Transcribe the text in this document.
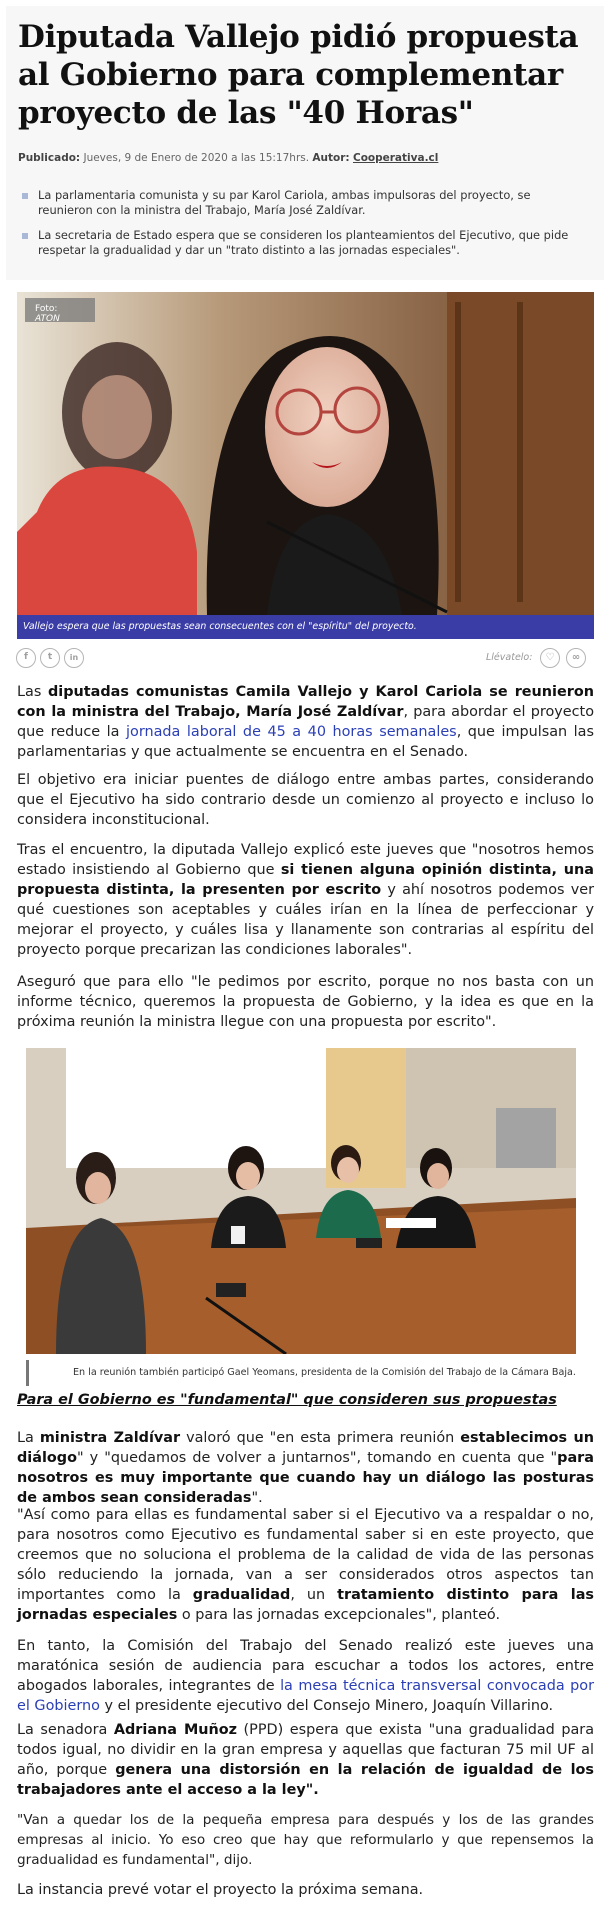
Diputada Vallejo pidió propuesta al Gobierno para complementar proyecto de las "40 Horas"
Publicado: Jueves, 9 de Enero de 2020 a las 15:17hrs. Autor: Cooperativa.cl
La parlamentaria comunista y su par Karol Cariola, ambas impulsoras del proyecto, se reunieron con la ministra del Trabajo, María José Zaldívar.
La secretaria de Estado espera que se consideren los planteamientos del Ejecutivo, que pide respetar la gradualidad y dar un "trato distinto a las jornadas especiales".
Foto: ATON
Vallejo espera que las propuestas sean consecuentes con el "espíritu" del proyecto.
f	t	in	Llévatelo:	♡	∞

Las diputadas comunistas Camila Vallejo y Karol Cariola se reunieron con la ministra del Trabajo, María José Zaldívar, para abordar el proyecto que reduce la jornada laboral de 45 a 40 horas semanales, que impulsan las parlamentarias y que actualmente se encuentra en el Senado.

El objetivo era iniciar puentes de diálogo entre ambas partes, considerando que el Ejecutivo ha sido contrario desde un comienzo al proyecto e incluso lo considera inconstitucional.

Tras el encuentro, la diputada Vallejo explicó este jueves que "nosotros hemos estado insistiendo al Gobierno que si tienen alguna opinión distinta, una propuesta distinta, la presenten por escrito y ahí nosotros podemos ver qué cuestiones son aceptables y cuáles irían en la línea de perfeccionar y mejorar el proyecto, y cuáles lisa y llanamente son contrarias al espíritu del proyecto porque precarizan las condiciones laborales".

Aseguró que para ello "le pedimos por escrito, porque no nos basta con un informe técnico, queremos la propuesta de Gobierno, y la idea es que en la próxima reunión la ministra llegue con una propuesta por escrito".

En la reunión también participó Gael Yeomans, presidenta de la Comisión del Trabajo de la Cámara Baja.
Para el Gobierno es "fundamental" que consideren sus propuestas

La ministra Zaldívar valoró que "en esta primera reunión establecimos un diálogo" y "quedamos de volver a juntarnos", tomando en cuenta que "para nosotros es muy importante que cuando hay un diálogo las posturas de ambos sean consideradas".

"Así como para ellas es fundamental saber si el Ejecutivo va a respaldar o no, para nosotros como Ejecutivo es fundamental saber si en este proyecto, que creemos que no soluciona el problema de la calidad de vida de las personas sólo reduciendo la jornada, van a ser considerados otros aspectos tan importantes como la gradualidad, un tratamiento distinto para las jornadas especiales o para las jornadas excepcionales", planteó.

En tanto, la Comisión del Trabajo del Senado realizó este jueves una maratónica sesión de audiencia para escuchar a todos los actores, entre abogados laborales, integrantes de la mesa técnica transversal convocada por el Gobierno y el presidente ejecutivo del Consejo Minero, Joaquín Villarino.

La senadora Adriana Muñoz (PPD) espera que exista "una gradualidad para todos igual, no dividir en la gran empresa y aquellas que facturan 75 mil UF al año, porque genera una distorsión en la relación de igualdad de los trabajadores ante el acceso a la ley".

"Van a quedar los de la pequeña empresa para después y los de las grandes empresas al inicio. Yo eso creo que hay que reformularlo y que repensemos la gradualidad es fundamental", dijo.

La instancia prevé votar el proyecto la próxima semana.
